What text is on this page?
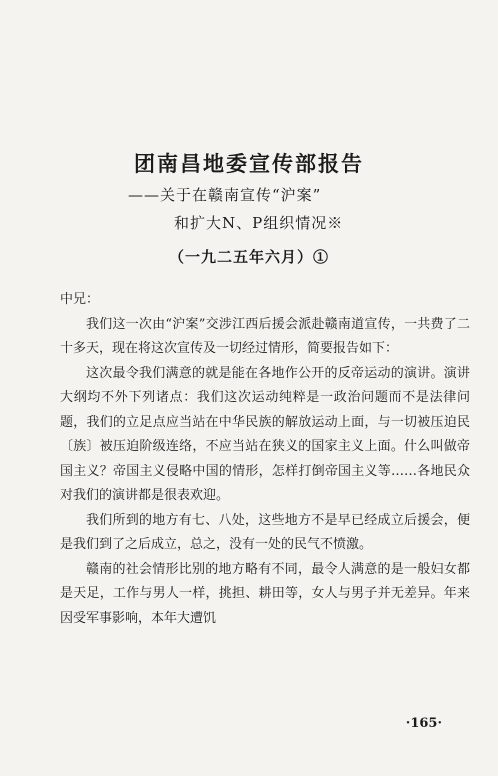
团南昌地委宣传部报告
——关于在赣南宣传“沪案”
和扩大N、P组织情况※
（一九二五年六月）①

中兄：

我们这一次由“沪案”交涉江西后援会派赴赣南道宣传，一共费了二十多天，现在将这次宣传及一切经过情形，简要报告如下：

这次最令我们满意的就是能在各地作公开的反帝运动的演讲。演讲大纲均不外下列诸点：我们这次运动纯粹是一政治问题而不是法律问题，我们的立足点应当站在中华民族的解放运动上面，与一切被压迫民〔族〕被压迫阶级连络，不应当站在狭义的国家主义上面。什么叫做帝国主义？帝国主义侵略中国的情形，怎样打倒帝国主义等……各地民众对我们的演讲都是很表欢迎。

我们所到的地方有七、八处，这些地方不是早已经成立后援会，便是我们到了之后成立，总之，没有一处的民气不愤激。

赣南的社会情形比别的地方略有不同，最令人满意的是一般妇女都是天足，工作与男人一样，挑担、耕田等，女人与男子并无差异。年来因受军事影响，本年大遭饥

·165·
